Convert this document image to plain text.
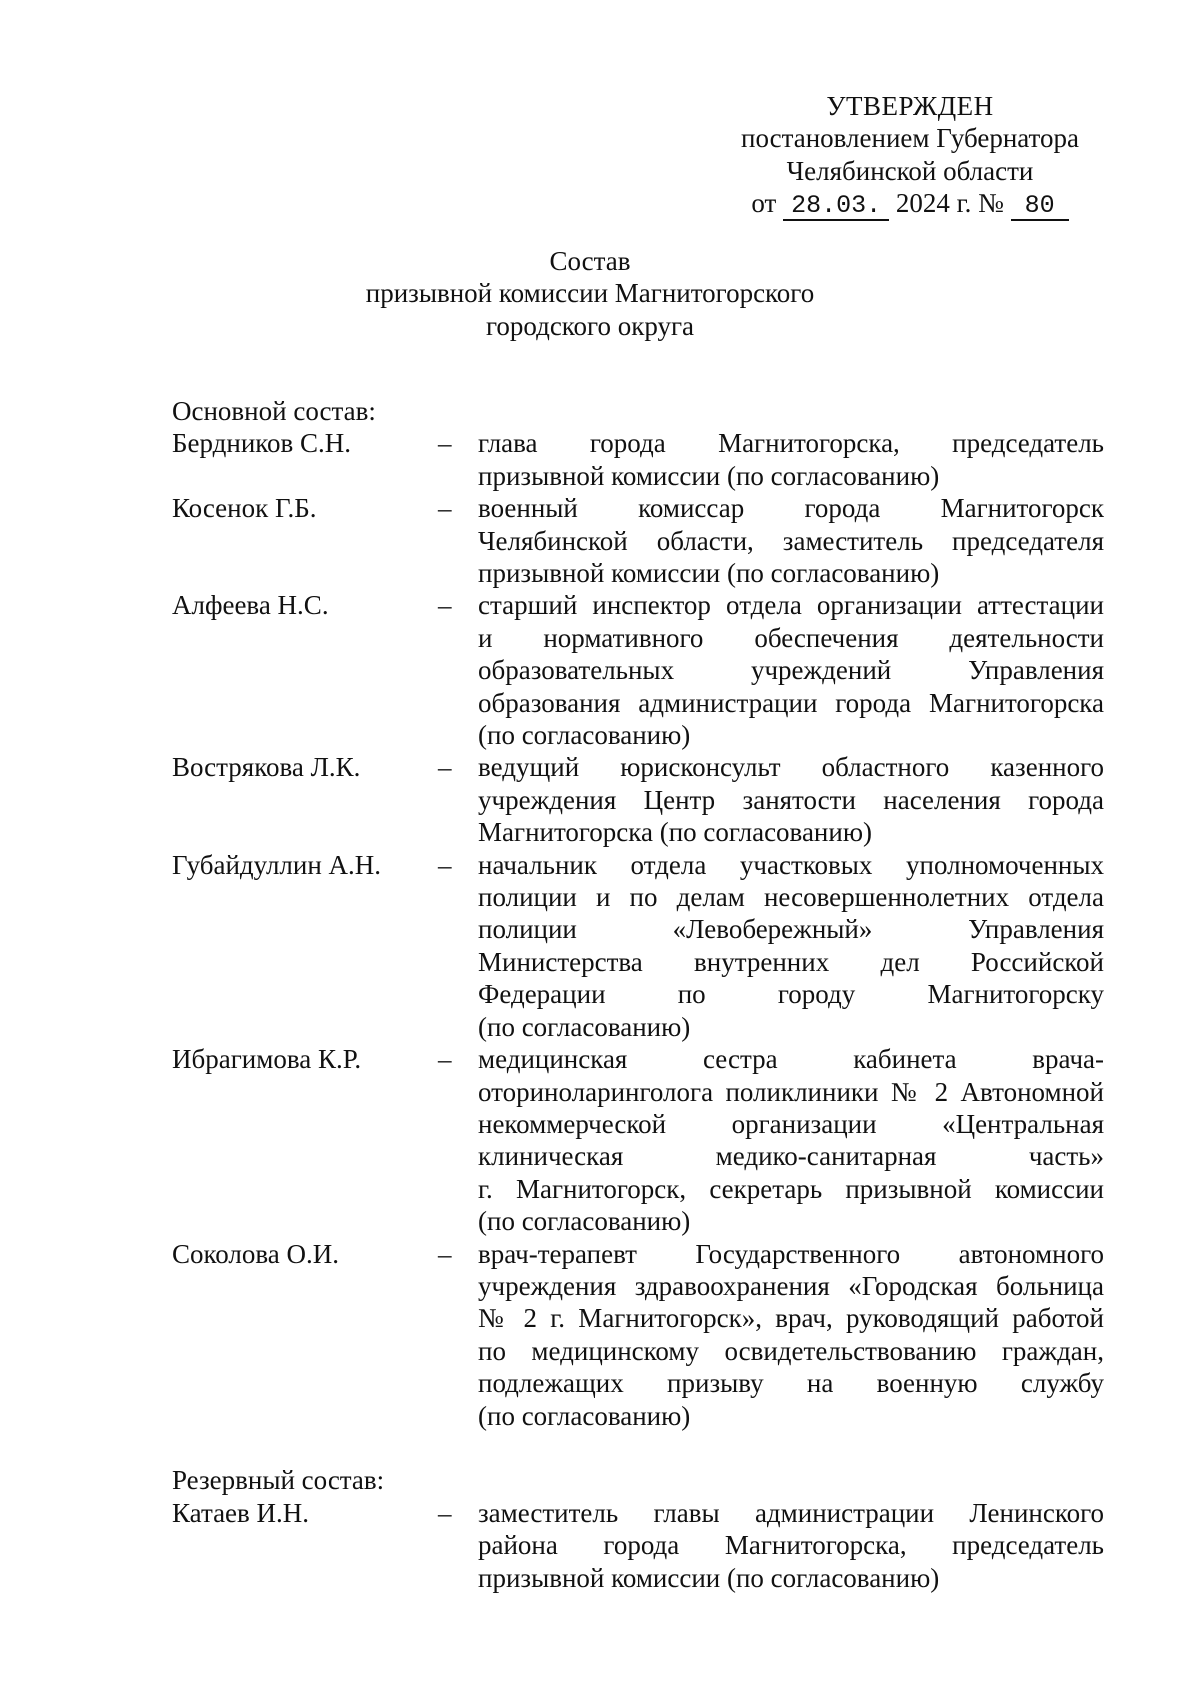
УТВЕРЖДЕН
постановлением Губернатора
Челябинской области
от 28.03. 2024 г. № 80
Состав
призывной комиссии Магнитогорского
городского округа
Основной состав:
Бердников С.Н.	– глава города Магнитогорска, председатель
призывной комиссии (по согласованию)
Косенок Г.Б.	– военный комиссар города Магнитогорск
Челябинской области, заместитель председателя
призывной комиссии (по согласованию)
Алфеева Н.С.	– старший инспектор отдела организации аттестации
и нормативного обеспечения деятельности
образовательных учреждений Управления
образования администрации города Магнитогорска
(по согласованию)
Вострякова Л.К.	– ведущий юрисконсульт областного казенного
учреждения Центр занятости населения города
Магнитогорска (по согласованию)
Губайдуллин А.Н.	– начальник отдела участковых уполномоченных
полиции и по делам несовершеннолетних отдела
полиции «Левобережный» Управления
Министерства внутренних дел Российской
Федерации по городу Магнитогорску
(по согласованию)
Ибрагимова К.Р.	– медицинская сестра кабинета врача-
оториноларинголога поликлиники № 2 Автономной
некоммерческой организации «Центральная
клиническая медико-санитарная часть»
г. Магнитогорск, секретарь призывной комиссии
(по согласованию)
Соколова О.И.	– врач-терапевт Государственного автономного
учреждения здравоохранения «Городская больница
№ 2 г. Магнитогорск», врач, руководящий работой
по медицинскому освидетельствованию граждан,
подлежащих призыву на военную службу
(по согласованию)
Резервный состав:
Катаев И.Н.	– заместитель главы администрации Ленинского
района города Магнитогорска, председатель
призывной комиссии (по согласованию)
